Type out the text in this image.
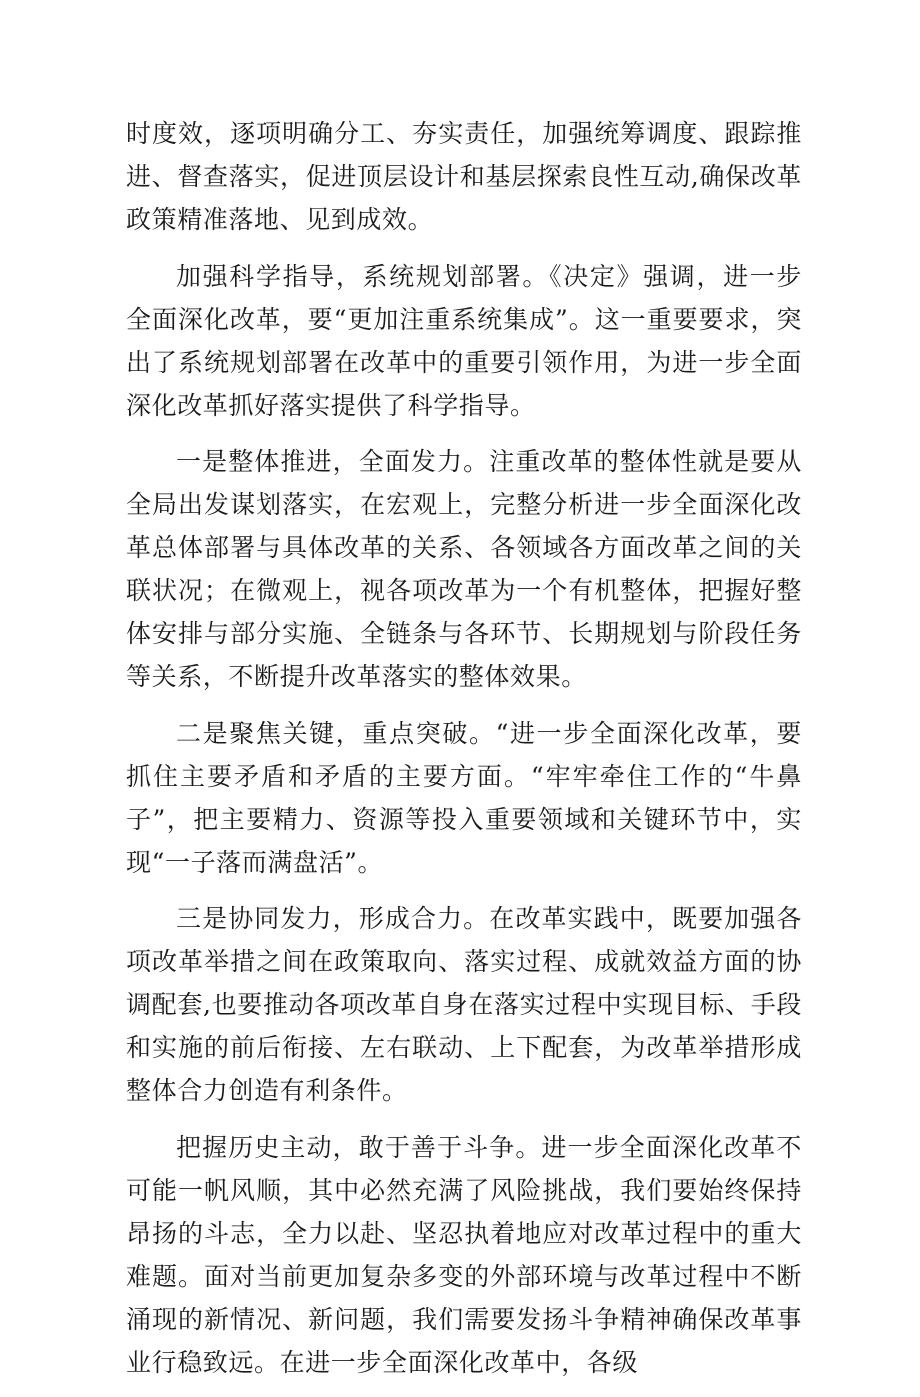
时度效，逐项明确分工、夯实责任，加强统筹调度、跟踪推进、督查落实，促进顶层设计和基层探索良性互动,确保改革政策精准落地、见到成效。

加强科学指导，系统规划部署。《决定》强调，进一步全面深化改革，要“更加注重系统集成”。这一重要要求，突出了系统规划部署在改革中的重要引领作用，为进一步全面深化改革抓好落实提供了科学指导。

一是整体推进，全面发力。注重改革的整体性就是要从全局出发谋划落实，在宏观上，完整分析进一步全面深化改革总体部署与具体改革的关系、各领域各方面改革之间的关联状况；在微观上，视各项改革为一个有机整体，把握好整体安排与部分实施、全链条与各环节、长期规划与阶段任务等关系，不断提升改革落实的整体效果。

二是聚焦关键，重点突破。“进一步全面深化改革，要抓住主要矛盾和矛盾的主要方面。“牢牢牵住工作的“牛鼻子”，把主要精力、资源等投入重要领域和关键环节中，实现“一子落而满盘活”。

三是协同发力，形成合力。在改革实践中，既要加强各项改革举措之间在政策取向、落实过程、成就效益方面的协调配套,也要推动各项改革自身在落实过程中实现目标、手段和实施的前后衔接、左右联动、上下配套，为改革举措形成整体合力创造有利条件。

把握历史主动，敢于善于斗争。进一步全面深化改革不可能一帆风顺，其中必然充满了风险挑战，我们要始终保持昂扬的斗志，全力以赴、坚忍执着地应对改革过程中的重大难题。面对当前更加复杂多变的外部环境与改革过程中不断涌现的新情况、新问题，我们需要发扬斗争精神确保改革事业行稳致远。在进一步全面深化改革中，各级
